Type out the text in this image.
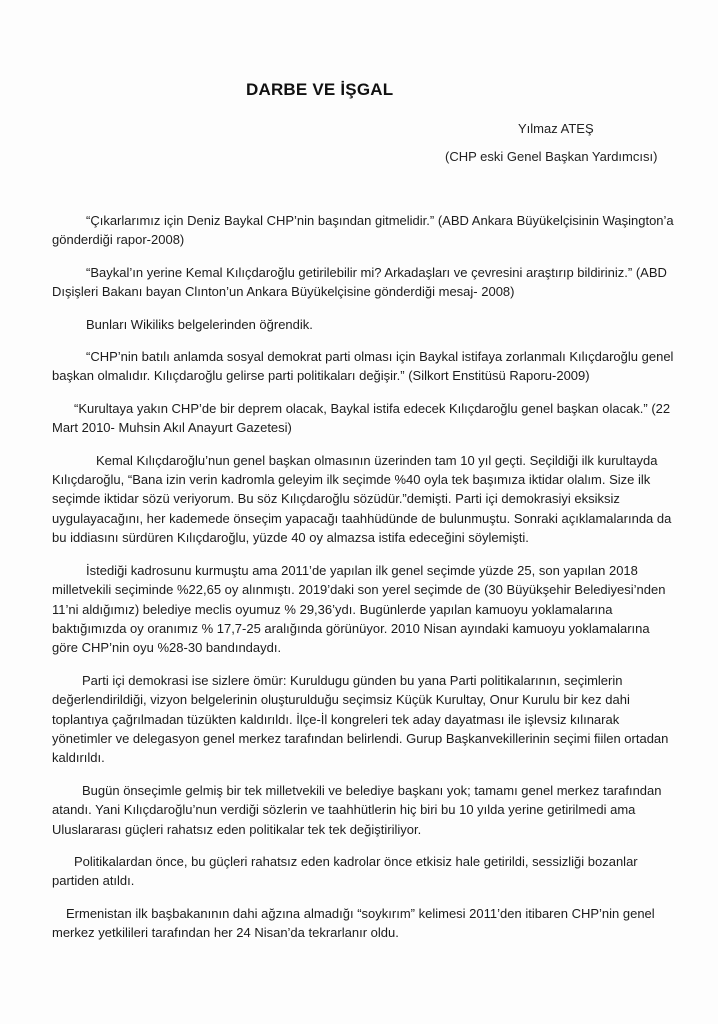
DARBE VE İŞGAL
Yılmaz ATEŞ
(CHP eski Genel Başkan Yardımcısı)

“Çıkarlarımız için Deniz Baykal CHP’nin başından gitmelidir.” (ABD Ankara Büyükelçisinin Waşington’a gönderdiği rapor-2008)

“Baykal’ın yerine Kemal Kılıçdaroğlu getirilebilir mi? Arkadaşları ve çevresini araştırıp bildiriniz.” (ABD Dışişleri Bakanı bayan Clınton’un Ankara Büyükelçisine gönderdiği mesaj- 2008)

Bunları Wikiliks belgelerinden öğrendik.

“CHP’nin batılı anlamda sosyal demokrat parti olması için Baykal istifaya zorlanmalı Kılıçdaroğlu genel başkan olmalıdır. Kılıçdaroğlu gelirse parti politikaları değişir.” (Silkort Enstitüsü Raporu-2009)

“Kurultaya yakın CHP’de bir deprem olacak, Baykal istifa edecek Kılıçdaroğlu genel başkan olacak.” (22 Mart 2010- Muhsin Akıl Anayurt Gazetesi)

Kemal Kılıçdaroğlu’nun genel başkan olmasının üzerinden tam 10 yıl geçti. Seçildiği ilk kurultayda Kılıçdaroğlu, “Bana izin verin kadromla geleyim ilk seçimde %40 oyla tek başımıza iktidar olalım. Size ilk seçimde iktidar sözü veriyorum. Bu söz Kılıçdaroğlu sözüdür.”demişti. Parti içi demokrasiyi eksiksiz uygulayacağını, her kademede önseçim yapacağı taahhüdünde de bulunmuştu. Sonraki açıklamalarında da bu iddiasını sürdüren Kılıçdaroğlu, yüzde 40 oy almazsa istifa edeceğini söylemişti.

İstediği kadrosunu kurmuştu ama 2011’de yapılan ilk genel seçimde yüzde 25, son yapılan 2018 milletvekili seçiminde %22,65 oy alınmıştı. 2019’daki son yerel seçimde de (30 Büyükşehir Belediyesi’nden 11’ni aldığımız) belediye meclis oyumuz % 29,36’ydı. Bugünlerde yapılan kamuoyu yoklamalarına baktığımızda oy oranımız % 17,7-25 aralığında görünüyor. 2010 Nisan ayındaki kamuoyu yoklamalarına göre CHP’nin oyu %28-30 bandındaydı.

Parti içi demokrasi ise sizlere ömür: Kuruldugu günden bu yana Parti politikalarının, seçimlerin değerlendirildiği, vizyon belgelerinin oluşturulduğu seçimsiz Küçük Kurultay, Onur Kurulu bir kez dahi toplantıya çağrılmadan tüzükten kaldırıldı. İlçe-İl kongreleri tek aday dayatması ile işlevsiz kılınarak yönetimler ve delegasyon genel merkez tarafından belirlendi. Gurup Başkanvekillerinin seçimi fiilen ortadan kaldırıldı.

Bugün önseçimle gelmiş bir tek milletvekili ve belediye başkanı yok; tamamı genel merkez tarafından atandı. Yani Kılıçdaroğlu’nun verdiği sözlerin ve taahhütlerin hiç biri bu 10 yılda yerine getirilmedi ama Uluslararası güçleri rahatsız eden politikalar tek tek değiştiriliyor.

Politikalardan önce, bu güçleri rahatsız eden kadrolar önce etkisiz hale getirildi, sessizliği bozanlar partiden atıldı.

Ermenistan ilk başbakanının dahi ağzına almadığı “soykırım” kelimesi 2011’den itibaren CHP’nin genel merkez yetkilileri tarafından her 24 Nisan’da tekrarlanır oldu.
